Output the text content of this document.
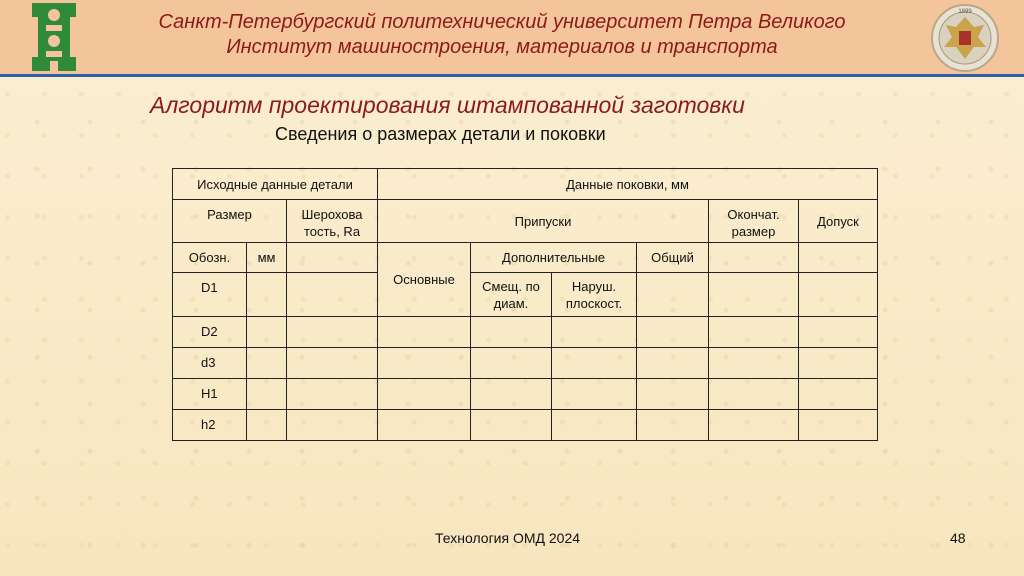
1899
Санкт-Петербургский политехнический университет Петра Великого
Институт машиностроения, материалов и транспорта
Алгоритм проектирования штампованной заготовки
Сведения о размерах детали и поковки
Исходные данные детали			Данные поковки, мм					
Размер		Шерохова тость, Ra	Припуски				Окончат. размер	Допуск
Обозн.	мм		Основные	Дополнительные		Общий		
D1				Смещ. по диам.	Наруш. плоскост.			
D2								
d3								
H1								
h2								
Технология ОМД 2024	48
